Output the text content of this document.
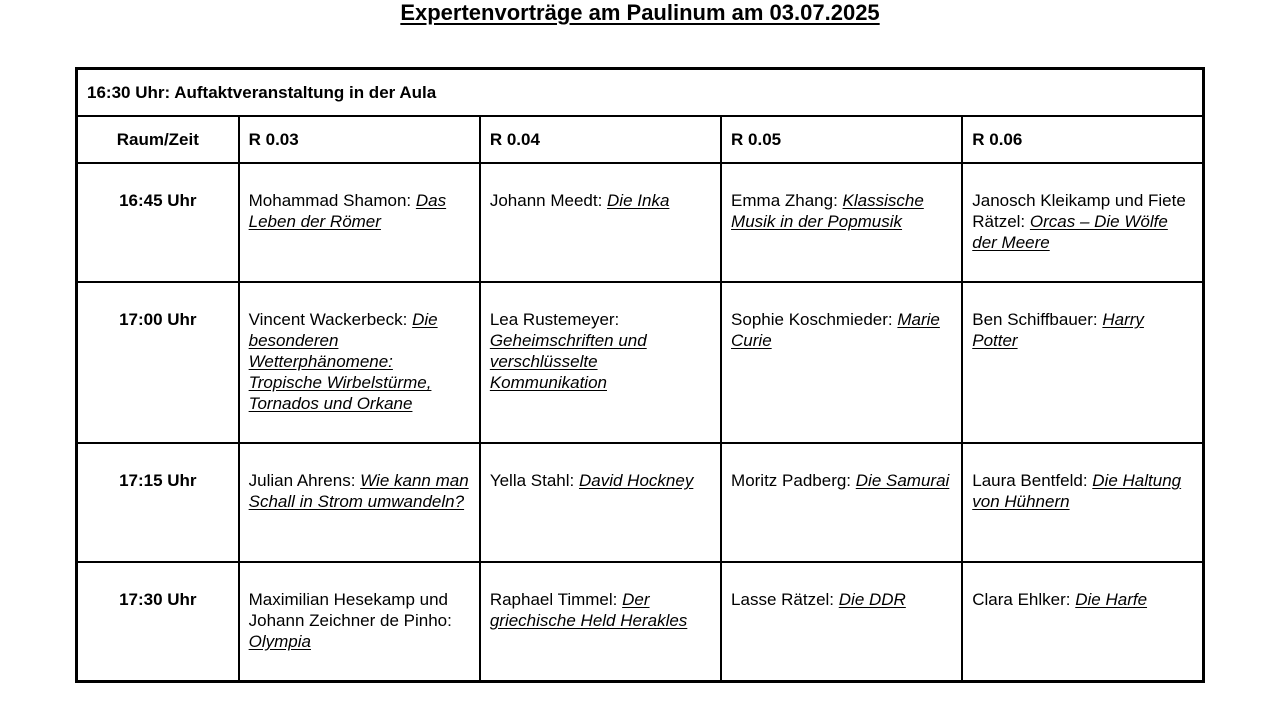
Expertenvorträge am Paulinum am 03.07.2025
16:30 Uhr: Auftaktveranstaltung in der Aula				
Raum/Zeit	R 0.03	R 0.04	R 0.05	R 0.06
16:45 Uhr	Mohammad Shamon: Das Leben der Römer	Johann Meedt: Die Inka	Emma Zhang: Klassische Musik in der Popmusik	Janosch Kleikamp und Fiete Rätzel: Orcas – Die Wölfe der Meere
17:00 Uhr	Vincent Wackerbeck: Die besonderen Wetterphänomene: Tropische Wirbelstürme, Tornados und Orkane	Lea Rustemeyer: Geheimschriften und verschlüsselte Kommunikation	Sophie Koschmieder: Marie Curie	Ben Schiffbauer: Harry Potter
17:15 Uhr	Julian Ahrens: Wie kann man Schall in Strom umwandeln?	Yella Stahl: David Hockney	Moritz Padberg: Die Samurai	Laura Bentfeld: Die Haltung von Hühnern
17:30 Uhr	Maximilian Hesekamp und Johann Zeichner de Pinho: Olympia	Raphael Timmel: Der griechische Held Herakles	Lasse Rätzel: Die DDR	Clara Ehlker: Die Harfe
